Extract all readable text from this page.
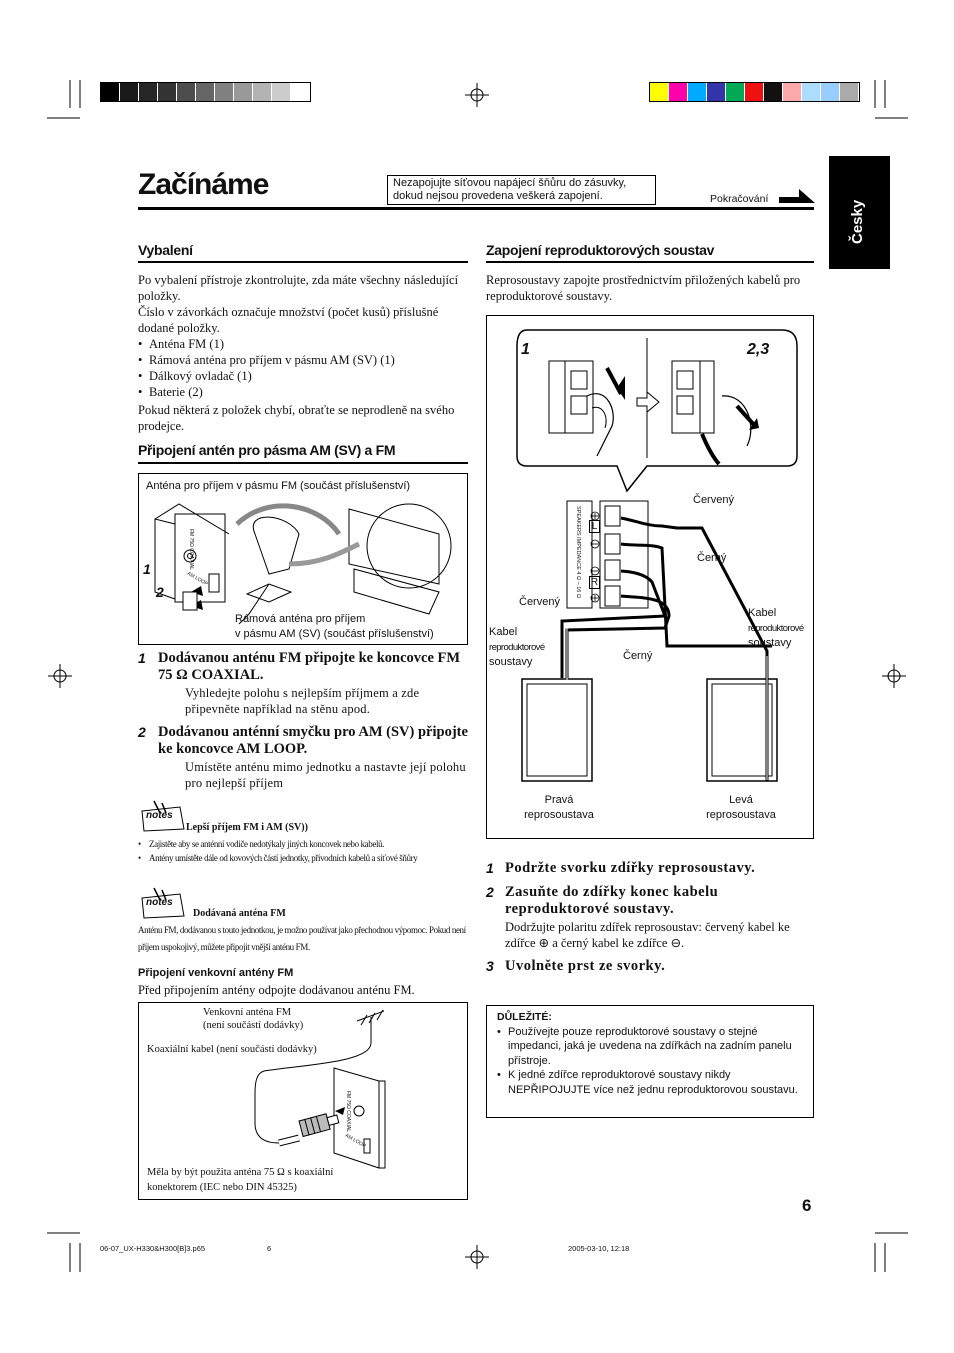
Začínáme	Nezapojujte síťovou napájecí šňůru do zásuvky, dokud nejsou provedena veškerá zapojení.	Pokračování
Česky
Vybalení
Po vybalení přístroje zkontrolujte, zda máte všechny následující položky.
Číslo v závorkách označuje množství (počet kusů) příslušné dodané položky.
• Anténa FM (1)
• Rámová anténa pro příjem v pásmu AM (SV) (1)
• Dálkový ovladač (1)
• Baterie (2)
Pokud některá z položek chybí, obraťte se neprodleně na svého prodejce.
Připojení antén pro pásma AM (SV) a FM
Anténa pro příjem v pásmu FM (součást příslušenství)
FM 75Ω COAXIAL
AM LOOP
1
2
Rámová anténa pro příjem
v pásmu AM (SV) (součást příslušenství)
1 Dodávanou anténu FM připojte ke koncovce FM 75 Ω COAXIAL.
Vyhledejte polohu s nejlepším příjmem a zde připevněte například na stěnu apod.
2 Dodávanou anténní smyčku pro AM (SV) připojte ke koncovce AM LOOP.
Umístěte anténu mimo jednotku a nastavte její polohu pro nejlepší příjem
notes
Lepší příjem FM i AM (SV))
• Zajistěte aby se anténní vodiče nedotýkaly jiných koncovek nebo kabelů.
• Antény umístěte dále od kovových částí jednotky, přívodních kabelů a síťové šňůry
notes
Dodávaná anténa FM
Anténu FM, dodávanou s touto jednotkou, je možno používat jako přechodnou výpomoc. Pokud není příjem uspokojivý, můžete připojit vnější anténu FM.
Připojení venkovní antény FM
Před připojením antény odpojte dodávanou anténu FM.
Venkovní anténa FM
(není součástí dodávky)
Koaxiální kabel (není součástí dodávky)
FM 75Ω COAXIAL
AM LOOP
Měla by být použita anténa 75 Ω s koaxiální
konektorem (IEC nebo DIN 45325)
Zapojení reproduktorových soustav
Reprosoustavy zapojte prostřednictvím přiložených kabelů pro reproduktorové soustavy.
1	2,3
SPEAKERS IMPEDANCE 4 Ω – 16 Ω L
R
Červený
Černý
Červený
Černý
Kabel
reproduktorové
soustavy
Kabel
reproduktorové
soustavy
Pravá
reprosoustava
Levá
reprosoustava
1 Podržte svorku zdířky reprosoustavy.
2 Zasuňte do zdířky konec kabelu reproduktorové soustavy.
Dodržujte polaritu zdířek reprosoustav: červený kabel ke zdířce ⊕ a černý kabel ke zdířce ⊖.
3 Uvolněte prst ze svorky.
DŮLEŽITÉ:
• Používejte pouze reproduktorové soustavy o stejné impedanci, jaká je uvedena na zdířkách na zadním panelu přístroje.
• K jedné zdířce reproduktorové soustavy nikdy NEPŘIPOJUJTE více než jednu reproduktorovou soustavu.
6
06-07_UX-H330&H300[B]3.p65	6	2005-03-10, 12:18
